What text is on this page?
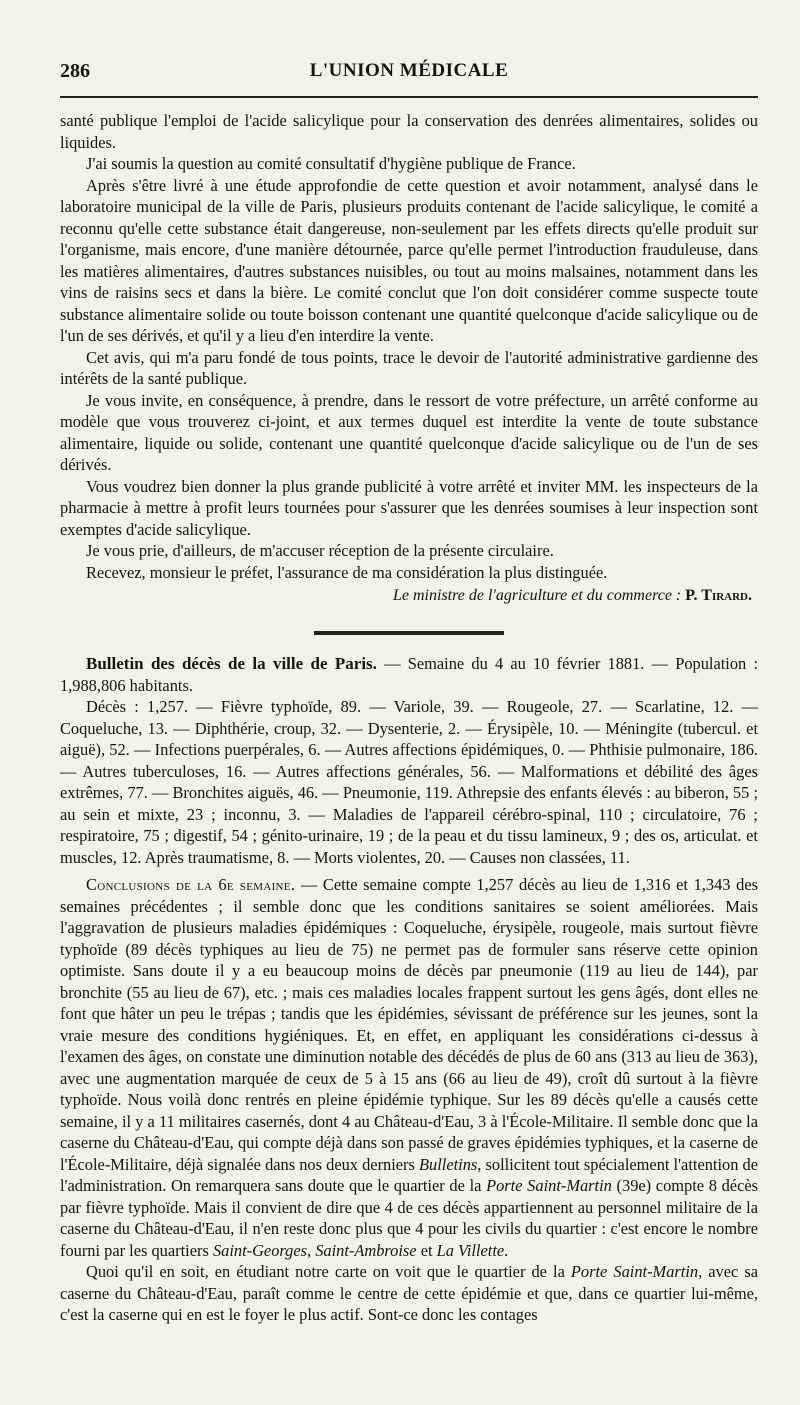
286	L'UNION MÉDICALE

santé publique l'emploi de l'acide salicylique pour la conservation des denrées alimentaires, solides ou liquides.

J'ai soumis la question au comité consultatif d'hygiène publique de France.

Après s'être livré à une étude approfondie de cette question et avoir notamment, analysé dans le laboratoire municipal de la ville de Paris, plusieurs produits contenant de l'acide salicylique, le comité a reconnu qu'elle cette substance était dangereuse, non-seulement par les effets directs qu'elle produit sur l'organisme, mais encore, d'une manière détournée, parce qu'elle permet l'introduction frauduleuse, dans les matières alimentaires, d'autres substances nuisibles, ou tout au moins malsaines, notamment dans les vins de raisins secs et dans la bière. Le comité conclut que l'on doit considérer comme suspecte toute substance alimentaire solide ou toute boisson contenant une quantité quelconque d'acide salicylique ou de l'un de ses dérivés, et qu'il y a lieu d'en interdire la vente.

Cet avis, qui m'a paru fondé de tous points, trace le devoir de l'autorité administrative gardienne des intérêts de la santé publique.

Je vous invite, en conséquence, à prendre, dans le ressort de votre préfecture, un arrêté conforme au modèle que vous trouverez ci-joint, et aux termes duquel est interdite la vente de toute substance alimentaire, liquide ou solide, contenant une quantité quelconque d'acide salicylique ou de l'un de ses dérivés.

Vous voudrez bien donner la plus grande publicité à votre arrêté et inviter MM. les inspecteurs de la pharmacie à mettre à profit leurs tournées pour s'assurer que les denrées soumises à leur inspection sont exemptes d'acide salicylique.

Je vous prie, d'ailleurs, de m'accuser réception de la présente circulaire.

Recevez, monsieur le préfet, l'assurance de ma considération la plus distinguée.

Le ministre de l'agriculture et du commerce : P. Tirard.

Bulletin des décès de la ville de Paris. — Semaine du 4 au 10 février 1881. — Population : 1,988,806 habitants.

Décès : 1,257. — Fièvre typhoïde, 89. — Variole, 39. — Rougeole, 27. — Scarlatine, 12. — Coqueluche, 13. — Diphthérie, croup, 32. — Dysenterie, 2. — Érysipèle, 10. — Méningite (tubercul. et aiguë), 52. — Infections puerpérales, 6. — Autres affections épidémiques, 0. — Phthisie pulmonaire, 186. — Autres tuberculoses, 16. — Autres affections générales, 56. — Malformations et débilité des âges extrêmes, 77. — Bronchites aiguës, 46. — Pneumonie, 119. Athrepsie des enfants élevés : au biberon, 55 ; au sein et mixte, 23 ; inconnu, 3. — Maladies de l'appareil cérébro-spinal, 110 ; circulatoire, 76 ; respiratoire, 75 ; digestif, 54 ; génito-urinaire, 19 ; de la peau et du tissu lamineux, 9 ; des os, articulat. et muscles, 12. Après traumatisme, 8. — Morts violentes, 20. — Causes non classées, 11.

Conclusions de la 6e semaine. — Cette semaine compte 1,257 décès au lieu de 1,316 et 1,343 des semaines précédentes ; il semble donc que les conditions sanitaires se soient améliorées. Mais l'aggravation de plusieurs maladies épidémiques : Coqueluche, érysipèle, rougeole, mais surtout fièvre typhoïde (89 décès typhiques au lieu de 75) ne permet pas de formuler sans réserve cette opinion optimiste. Sans doute il y a eu beaucoup moins de décès par pneumonie (119 au lieu de 144), par bronchite (55 au lieu de 67), etc. ; mais ces maladies locales frappent surtout les gens âgés, dont elles ne font que hâter un peu le trépas ; tandis que les épidémies, sévissant de préférence sur les jeunes, sont la vraie mesure des conditions hygiéniques. Et, en effet, en appliquant les considérations ci-dessus à l'examen des âges, on constate une diminution notable des décédés de plus de 60 ans (313 au lieu de 363), avec une augmentation marquée de ceux de 5 à 15 ans (66 au lieu de 49), croît dû surtout à la fièvre typhoïde. Nous voilà donc rentrés en pleine épidémie typhique. Sur les 89 décès qu'elle a causés cette semaine, il y a 11 militaires casernés, dont 4 au Château-d'Eau, 3 à l'École-Militaire. Il semble donc que la caserne du Château-d'Eau, qui compte déjà dans son passé de graves épidémies typhiques, et la caserne de l'École-Militaire, déjà signalée dans nos deux derniers Bulletins, sollicitent tout spécialement l'attention de l'administration. On remarquera sans doute que le quartier de la Porte Saint-Martin (39e) compte 8 décès par fièvre typhoïde. Mais il convient de dire que 4 de ces décès appartiennent au personnel militaire de la caserne du Château-d'Eau, il n'en reste donc plus que 4 pour les civils du quartier : c'est encore le nombre fourni par les quartiers Saint-Georges, Saint-Ambroise et La Villette.

Quoi qu'il en soit, en étudiant notre carte on voit que le quartier de la Porte Saint-Martin, avec sa caserne du Château-d'Eau, paraît comme le centre de cette épidémie et que, dans ce quartier lui-même, c'est la caserne qui en est le foyer le plus actif. Sont-ce donc les contages
